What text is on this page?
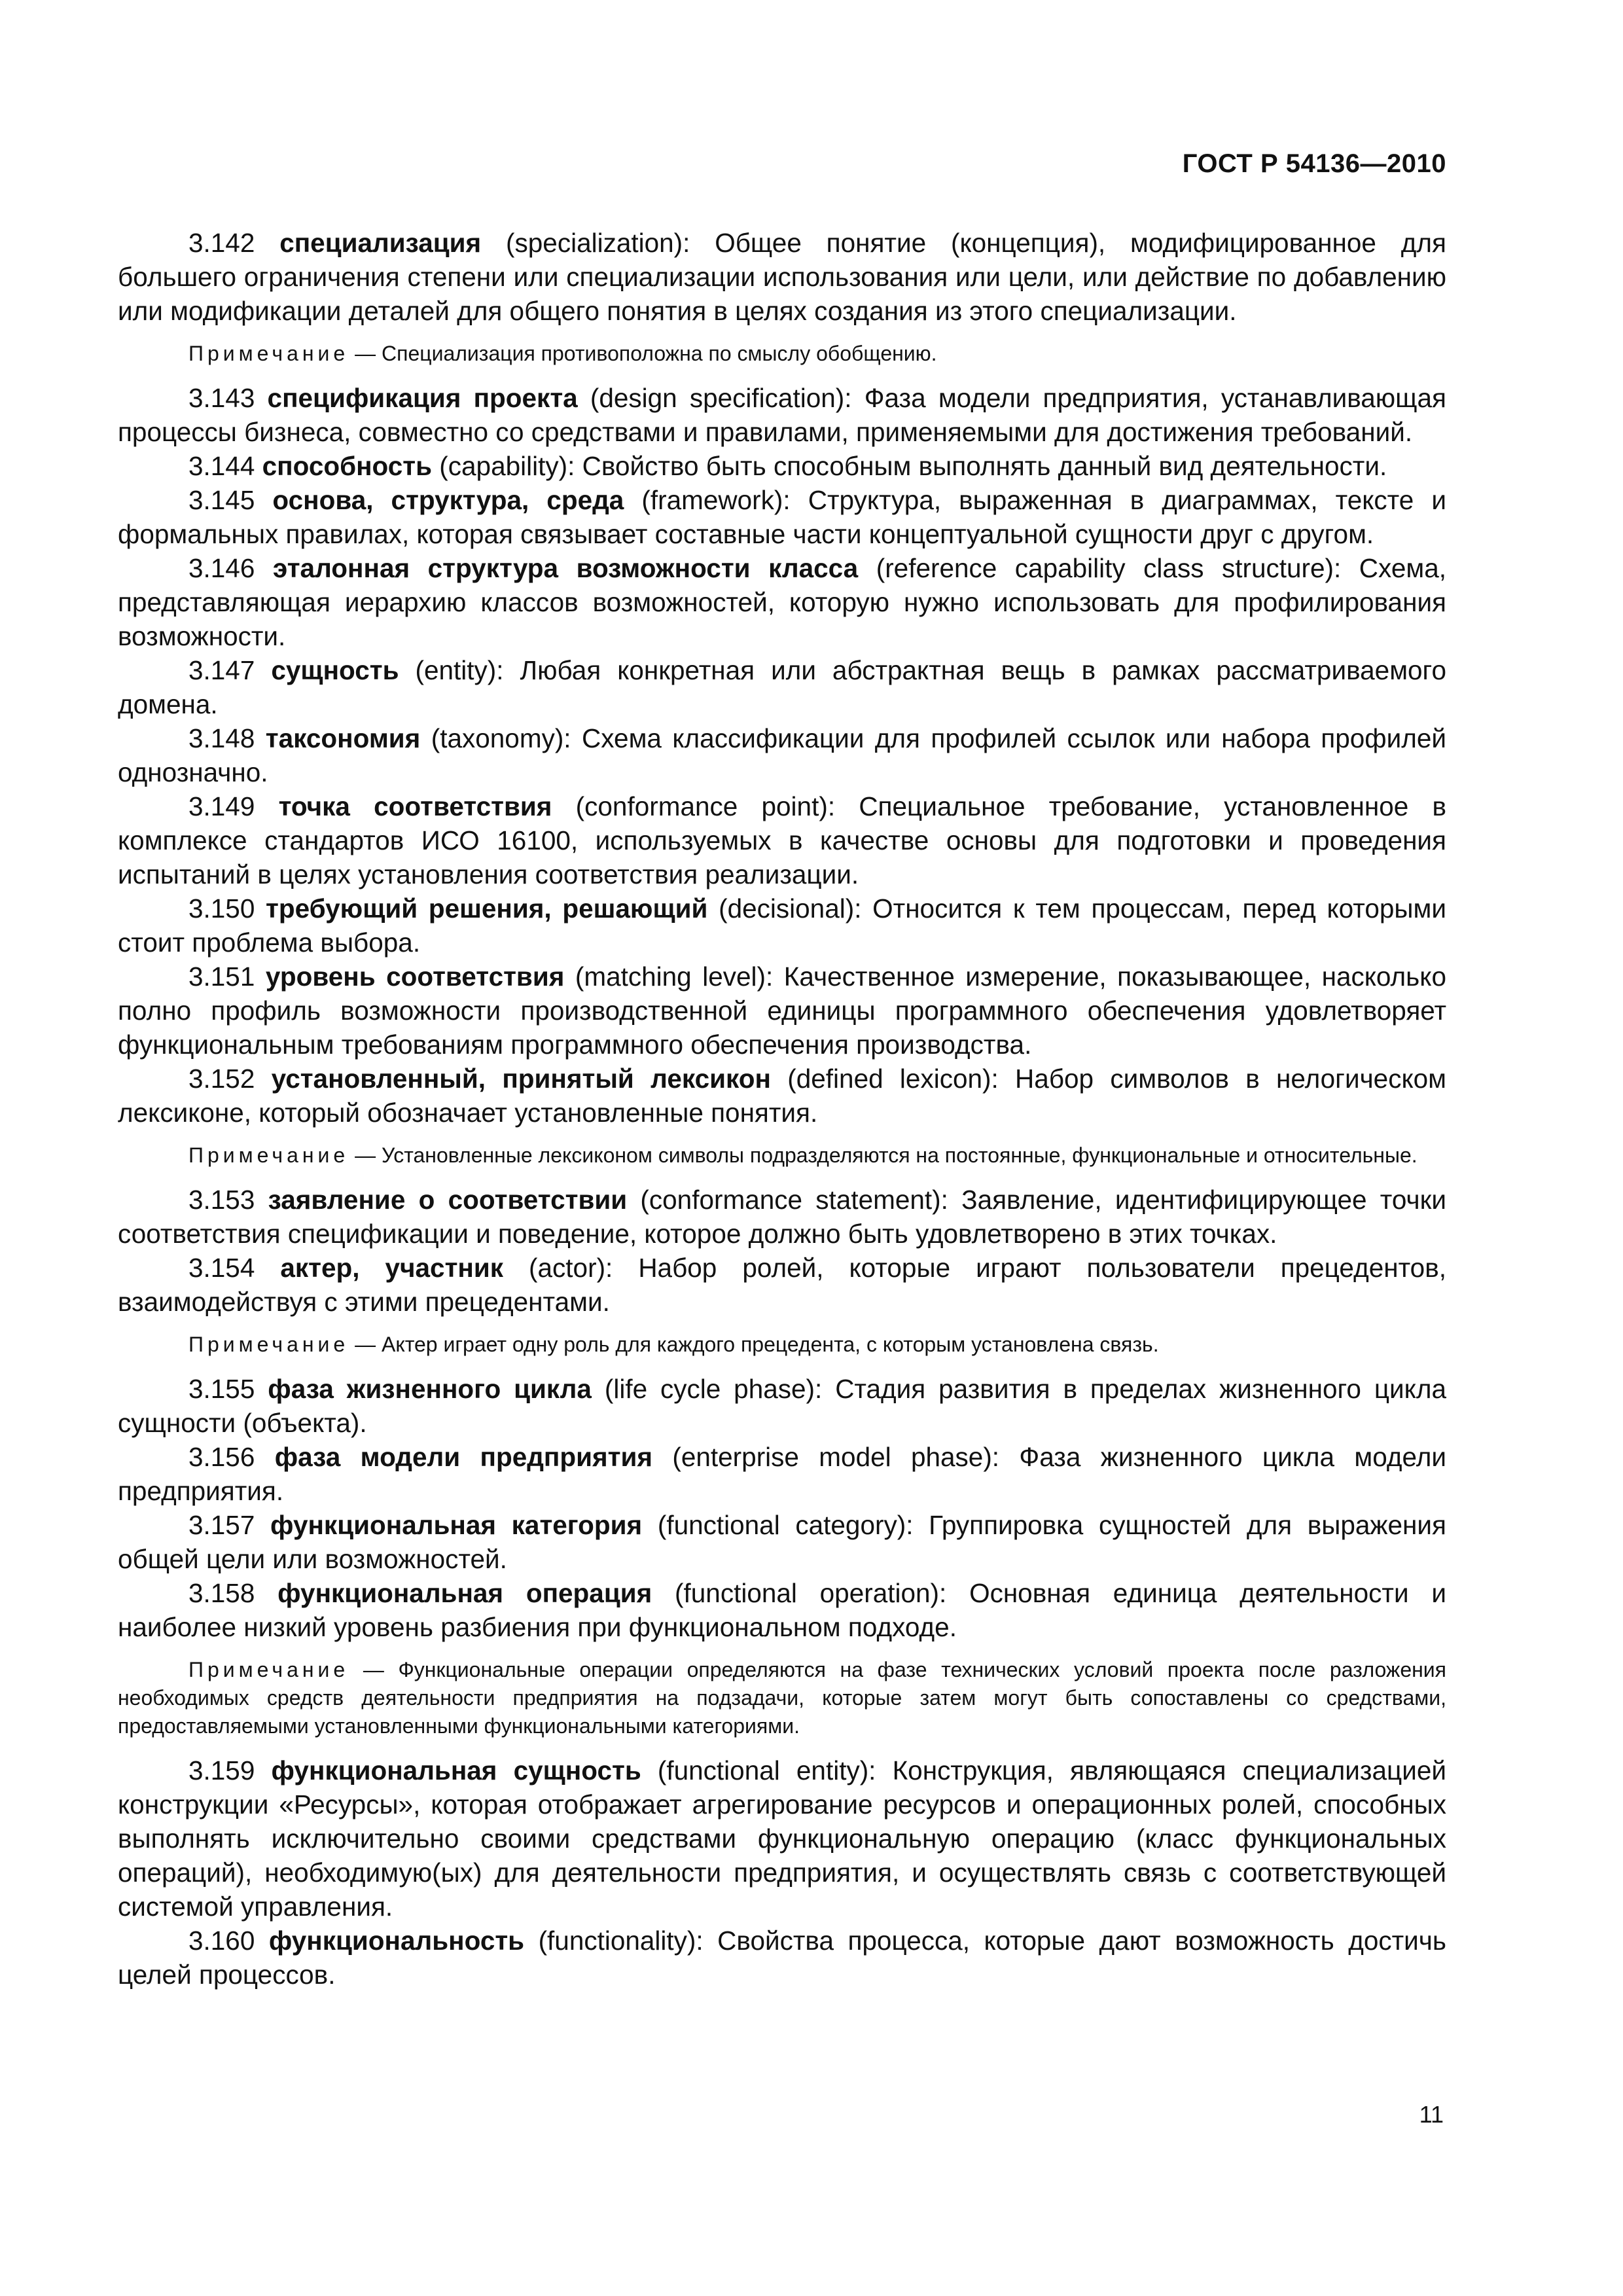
ГОСТ Р 54136—2010

3.142 специализация (specialization): Общее понятие (концепция), модифицированное для большего ограничения степени или специализации использования или цели, или действие по добавлению или модификации деталей для общего понятия в целях создания из этого специализации.

Примечание — Специализация противоположна по смыслу обобщению.

3.143 спецификация проекта (design specification): Фаза модели предприятия, устанавливающая процессы бизнеса, совместно со средствами и правилами, применяемыми для достижения требований.

3.144 способность (capability): Свойство быть способным выполнять данный вид деятельности.

3.145 основа, структура, среда (framework): Структура, выраженная в диаграммах, тексте и формальных правилах, которая связывает составные части концептуальной сущности друг с другом.

3.146 эталонная структура возможности класса (reference capability class structure): Схема, представляющая иерархию классов возможностей, которую нужно использовать для профилирования возможности.

3.147 сущность (entity): Любая конкретная или абстрактная вещь в рамках рассматриваемого домена.

3.148 таксономия (taxonomy): Схема классификации для профилей ссылок или набора профилей однозначно.

3.149 точка соответствия (conformance point): Специальное требование, установленное в комплексе стандартов ИСО 16100, используемых в качестве основы для подготовки и проведения испытаний в целях установления соответствия реализации.

3.150 требующий решения, решающий (decisional): Относится к тем процессам, перед которыми стоит проблема выбора.

3.151 уровень соответствия (matching level): Качественное измерение, показывающее, насколько полно профиль возможности производственной единицы программного обеспечения удовлетворяет функциональным требованиям программного обеспечения производства.

3.152 установленный, принятый лексикон (defined lexicon): Набор символов в нелогическом лексиконе, который обозначает установленные понятия.

Примечание — Установленные лексиконом символы подразделяются на постоянные, функциональные и относительные.

3.153 заявление о соответствии (conformance statement): Заявление, идентифицирующее точки соответствия спецификации и поведение, которое должно быть удовлетворено в этих точках.

3.154 актер, участник (actor): Набор ролей, которые играют пользователи прецедентов, взаимодействуя с этими прецедентами.

Примечание — Актер играет одну роль для каждого прецедента, с которым установлена связь.

3.155 фаза жизненного цикла (life cycle phase): Стадия развития в пределах жизненного цикла сущности (объекта).

3.156 фаза модели предприятия (enterprise model phase): Фаза жизненного цикла модели предприятия.

3.157 функциональная категория (functional category): Группировка сущностей для выражения общей цели или возможностей.

3.158 функциональная операция (functional operation): Основная единица деятельности и наиболее низкий уровень разбиения при функциональном подходе.

Примечание — Функциональные операции определяются на фазе технических условий проекта после разложения необходимых средств деятельности предприятия на подзадачи, которые затем могут быть сопоставлены со средствами, предоставляемыми установленными функциональными категориями.

3.159 функциональная сущность (functional entity): Конструкция, являющаяся специализацией конструкции «Ресурсы», которая отображает агрегирование ресурсов и операционных ролей, способных выполнять исключительно своими средствами функциональную операцию (класс функциональных операций), необходимую(ых) для деятельности предприятия, и осуществлять связь с соответствующей системой управления.

3.160 функциональность (functionality): Свойства процесса, которые дают возможность достичь целей процессов.

11
